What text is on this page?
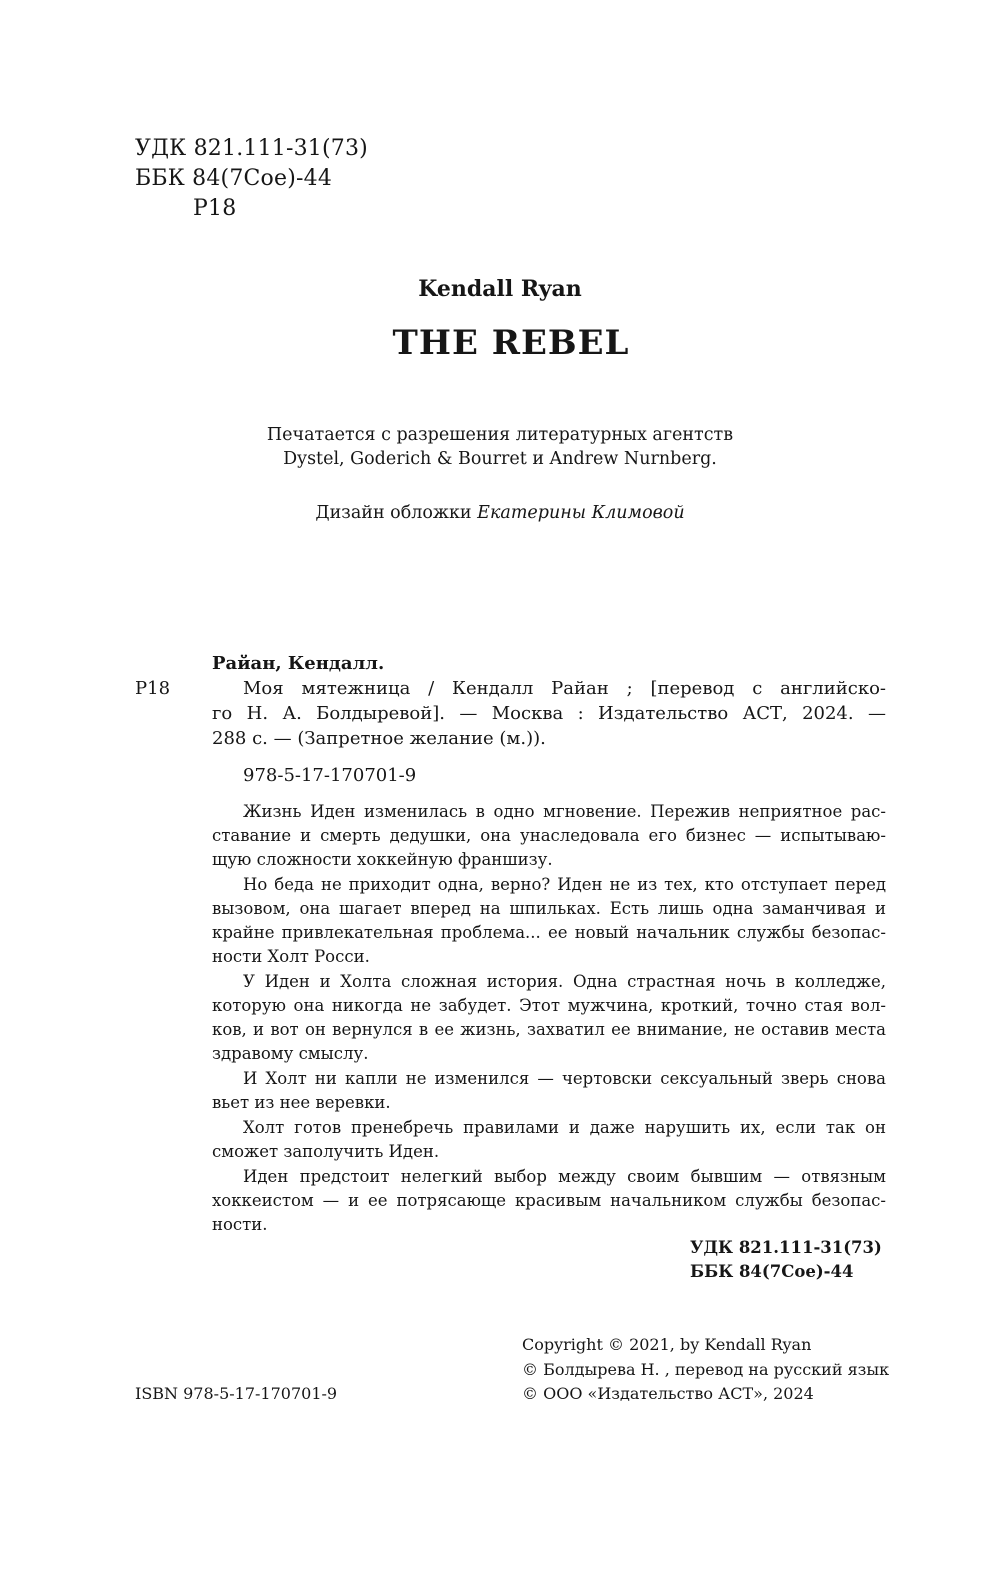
УДК 821.111-31(73)
ББК 84(7Сое)-44
Р18
Kendall Ryan
THE REBEL
Печатается с разрешения литературных агентств
Dystel, Goderich & Bourret и Andrew Nurnberg.
Дизайн обложки Екатерины Климовой
Райан, Кендалл.
Р18	Моя мятежница / Кендалл Райан ; [перевод с английско-
го Н. А. Болдыревой]. — Москва : Издательство АСТ, 2024. —
288 с. — (Запретное желание (м.)).
978-5-17-170701-9
Жизнь Иден изменилась в одно мгновение. Пережив неприятное рас-
ставание и смерть дедушки, она унаследовала его бизнес — испытываю-
щую сложности хоккейную франшизу.
Но беда не приходит одна, верно? Иден не из тех, кто отступает перед
вызовом, она шагает вперед на шпильках. Есть лишь одна заманчивая и
крайне привлекательная проблема... ее новый начальник службы безопас-
ности Холт Росси.
У Иден и Холта сложная история. Одна страстная ночь в колледже,
которую она никогда не забудет. Этот мужчина, кроткий, точно стая вол-
ков, и вот он вернулся в ее жизнь, захватил ее внимание, не оставив места
здравому смыслу.
И Холт ни капли не изменился — чертовски сексуальный зверь снова
вьет из нее веревки.
Холт готов пренебречь правилами и даже нарушить их, если так он
сможет заполучить Иден.
Иден предстоит нелегкий выбор между своим бывшим — отвязным
хоккеистом — и ее потрясающе красивым начальником службы безопас-
ности.
УДК 821.111-31(73)
ББК 84(7Сое)-44
Copyright © 2021, by Kendall Ryan
© Болдырева Н. , перевод на русский язык
© ООО «Издательство АСТ», 2024
ISBN 978-5-17-170701-9
